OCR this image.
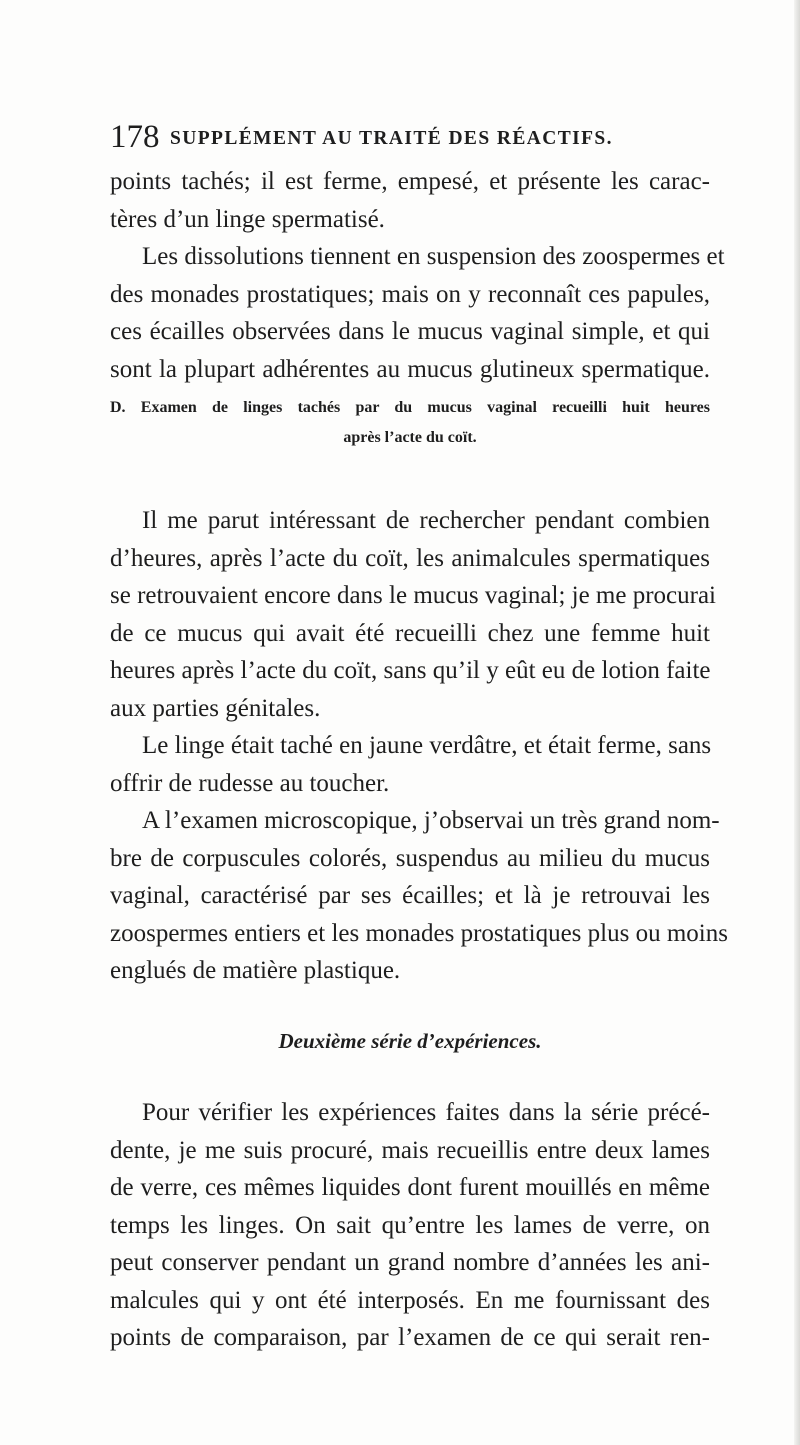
178 SUPPLÉMENT AU TRAITÉ DES RÉACTIFS.
points tachés; il est ferme, empesé, et présente les carac-
tères d’un linge spermatisé.
Les dissolutions tiennent en suspension des zoospermes et
des monades prostatiques; mais on y reconnaît ces papules,
ces écailles observées dans le mucus vaginal simple, et qui
sont la plupart adhérentes au mucus glutineux spermatique.
D. Examen de linges tachés par du mucus vaginal recueilli huit heures
après l’acte du coït.
Il me parut intéressant de rechercher pendant combien
d’heures, après l’acte du coït, les animalcules spermatiques
se retrouvaient encore dans le mucus vaginal; je me procurai
de ce mucus qui avait été recueilli chez une femme huit
heures après l’acte du coït, sans qu’il y eût eu de lotion faite
aux parties génitales.
Le linge était taché en jaune verdâtre, et était ferme, sans
offrir de rudesse au toucher.
A l’examen microscopique, j’observai un très grand nom-
bre de corpuscules colorés, suspendus au milieu du mucus
vaginal, caractérisé par ses écailles; et là je retrouvai les
zoospermes entiers et les monades prostatiques plus ou moins
englués de matière plastique.
Deuxième série d’expériences.
Pour vérifier les expériences faites dans la série précé-
dente, je me suis procuré, mais recueillis entre deux lames
de verre, ces mêmes liquides dont furent mouillés en même
temps les linges. On sait qu’entre les lames de verre, on
peut conserver pendant un grand nombre d’années les ani-
malcules qui y ont été interposés. En me fournissant des
points de comparaison, par l’examen de ce qui serait ren-
